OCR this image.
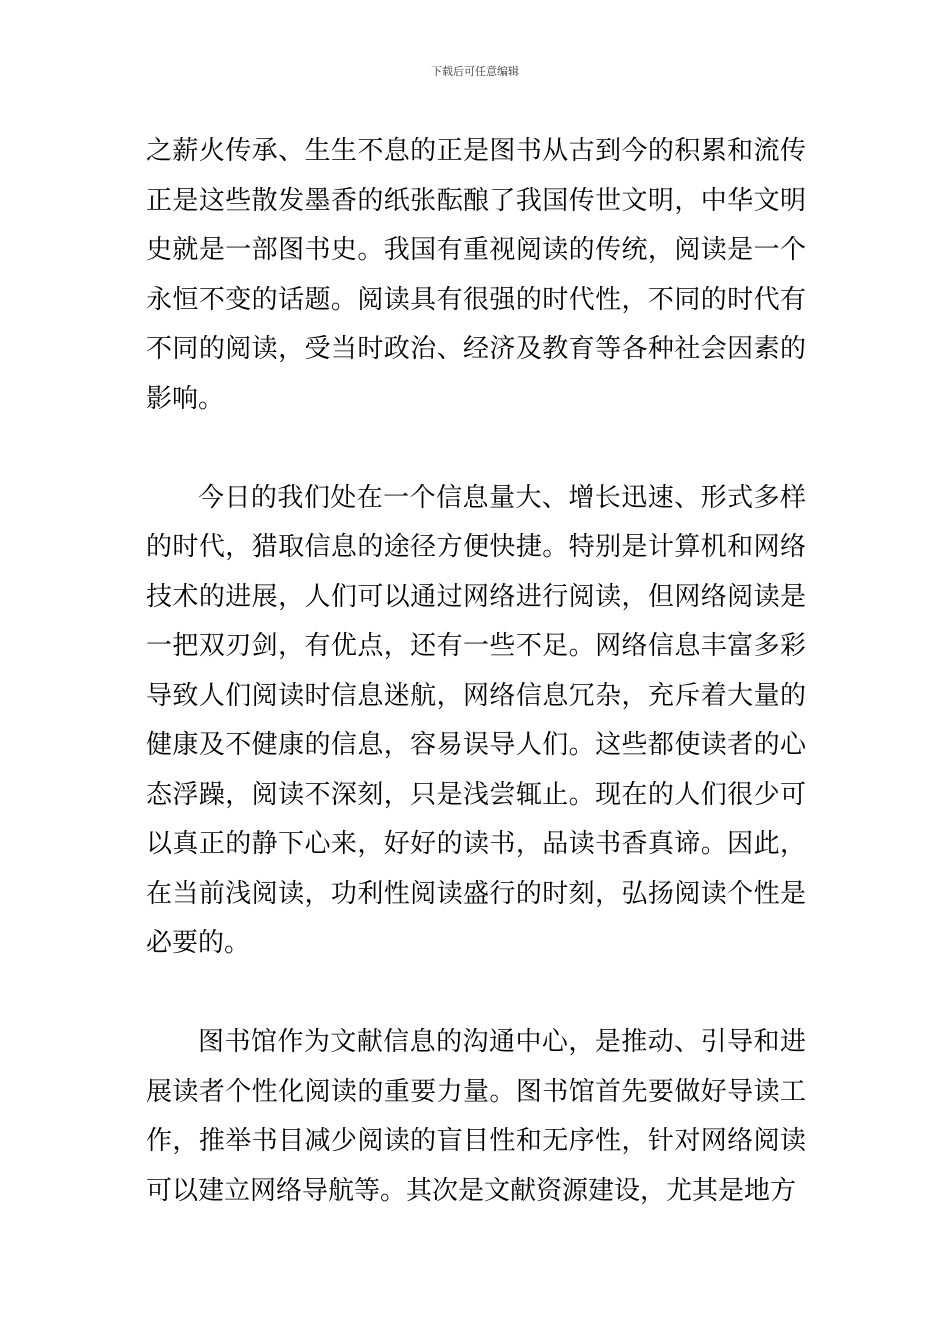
下载后可任意编辑

之薪火传承、生生不息的正是图书从古到今的积累和流传正是这些散发墨香的纸张酝酿了我国传世文明，中华文明史就是一部图书史。我国有重视阅读的传统，阅读是一个永恒不变的话题。阅读具有很强的时代性，不同的时代有不同的阅读，受当时政治、经济及教育等各种社会因素的影响。

今日的我们处在一个信息量大、增长迅速、形式多样的时代，猎取信息的途径方便快捷。特别是计算机和网络技术的进展，人们可以通过网络进行阅读，但网络阅读是一把双刃剑，有优点，还有一些不足。网络信息丰富多彩导致人们阅读时信息迷航，网络信息冗杂，充斥着大量的健康及不健康的信息，容易误导人们。这些都使读者的心态浮躁，阅读不深刻，只是浅尝辄止。现在的人们很少可以真正的静下心来，好好的读书，品读书香真谛。因此，在当前浅阅读，功利性阅读盛行的时刻，弘扬阅读个性是必要的。

图书馆作为文献信息的沟通中心，是推动、引导和进展读者个性化阅读的重要力量。图书馆首先要做好导读工作，推举书目减少阅读的盲目性和无序性，针对网络阅读可以建立网络导航等。其次是文献资源建设，尤其是地方
